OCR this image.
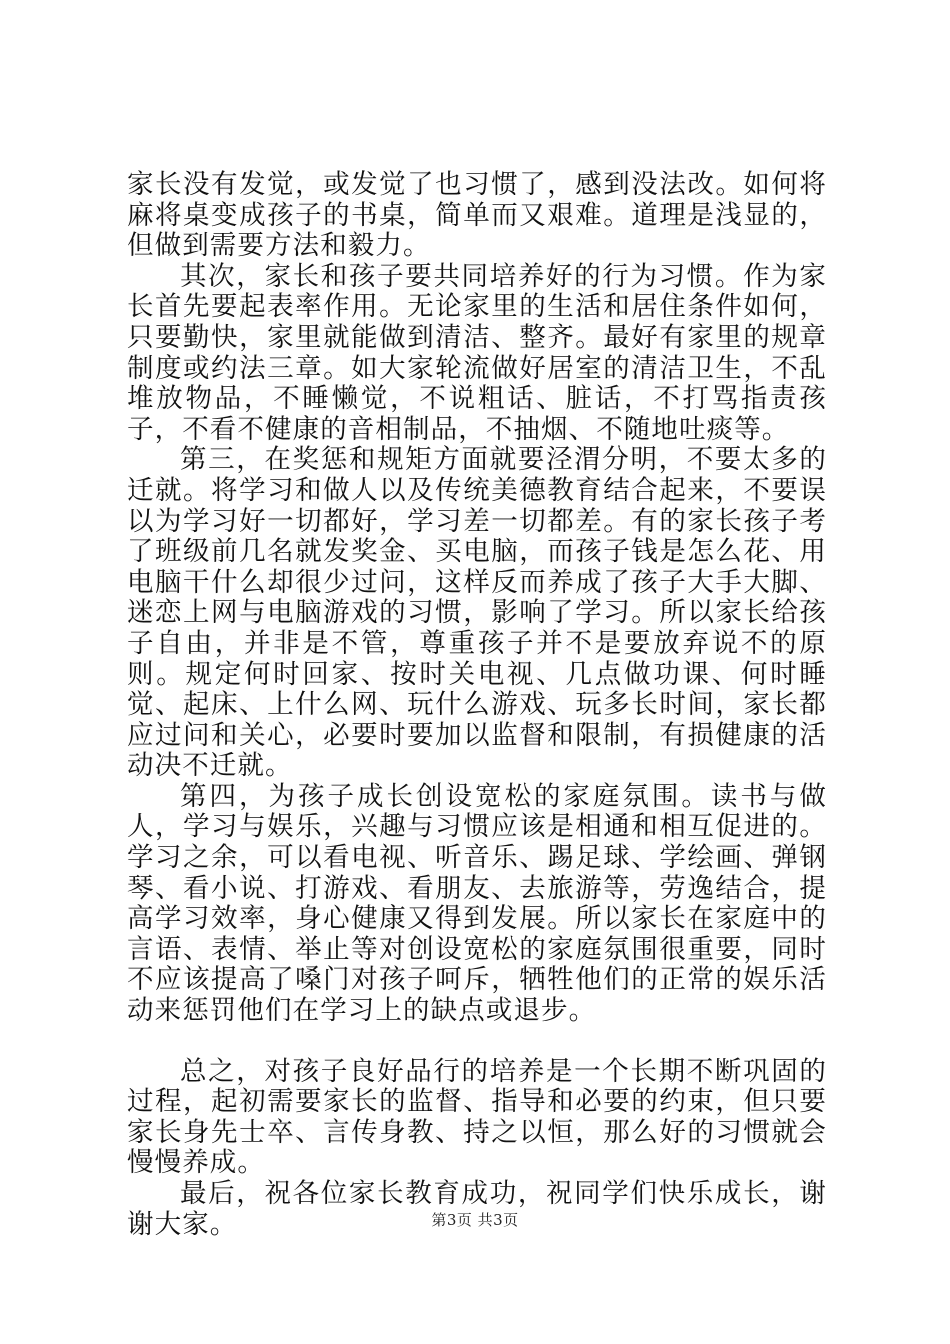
家长没有发觉，或发觉了也习惯了，感到没法改。如何将麻将桌变成孩子的书桌，简单而又艰难。道理是浅显的，但做到需要方法和毅力。

其次，家长和孩子要共同培养好的行为习惯。作为家长首先要起表率作用。无论家里的生活和居住条件如何，只要勤快，家里就能做到清洁、整齐。最好有家里的规章制度或约法三章。如大家轮流做好居室的清洁卫生，不乱堆放物品，不睡懒觉，不说粗话、脏话，不打骂指责孩子，不看不健康的音相制品，不抽烟、不随地吐痰等。

第三，在奖惩和规矩方面就要泾渭分明，不要太多的迁就。将学习和做人以及传统美德教育结合起来，不要误以为学习好一切都好，学习差一切都差。有的家长孩子考了班级前几名就发奖金、买电脑，而孩子钱是怎么花、用电脑干什么却很少过问，这样反而养成了孩子大手大脚、迷恋上网与电脑游戏的习惯，影响了学习。所以家长给孩子自由，并非是不管，尊重孩子并不是要放弃说不的原则。规定何时回家、按时关电视、几点做功课、何时睡觉、起床、上什么网、玩什么游戏、玩多长时间，家长都应过问和关心，必要时要加以监督和限制，有损健康的活动决不迁就。

第四，为孩子成长创设宽松的家庭氛围。读书与做人，学习与娱乐，兴趣与习惯应该是相通和相互促进的。学习之余，可以看电视、听音乐、踢足球、学绘画、弹钢琴、看小说、打游戏、看朋友、去旅游等，劳逸结合，提高学习效率，身心健康又得到发展。所以家长在家庭中的言语、表情、举止等对创设宽松的家庭氛围很重要，同时不应该提高了嗓门对孩子呵斥，牺牲他们的正常的娱乐活动来惩罚他们在学习上的缺点或退步。

总之，对孩子良好品行的培养是一个长期不断巩固的过程，起初需要家长的监督、指导和必要的约束，但只要家长身先士卒、言传身教、持之以恒，那么好的习惯就会慢慢养成。

最后，祝各位家长教育成功，祝同学们快乐成长，谢谢大家。	第3页 共3页
